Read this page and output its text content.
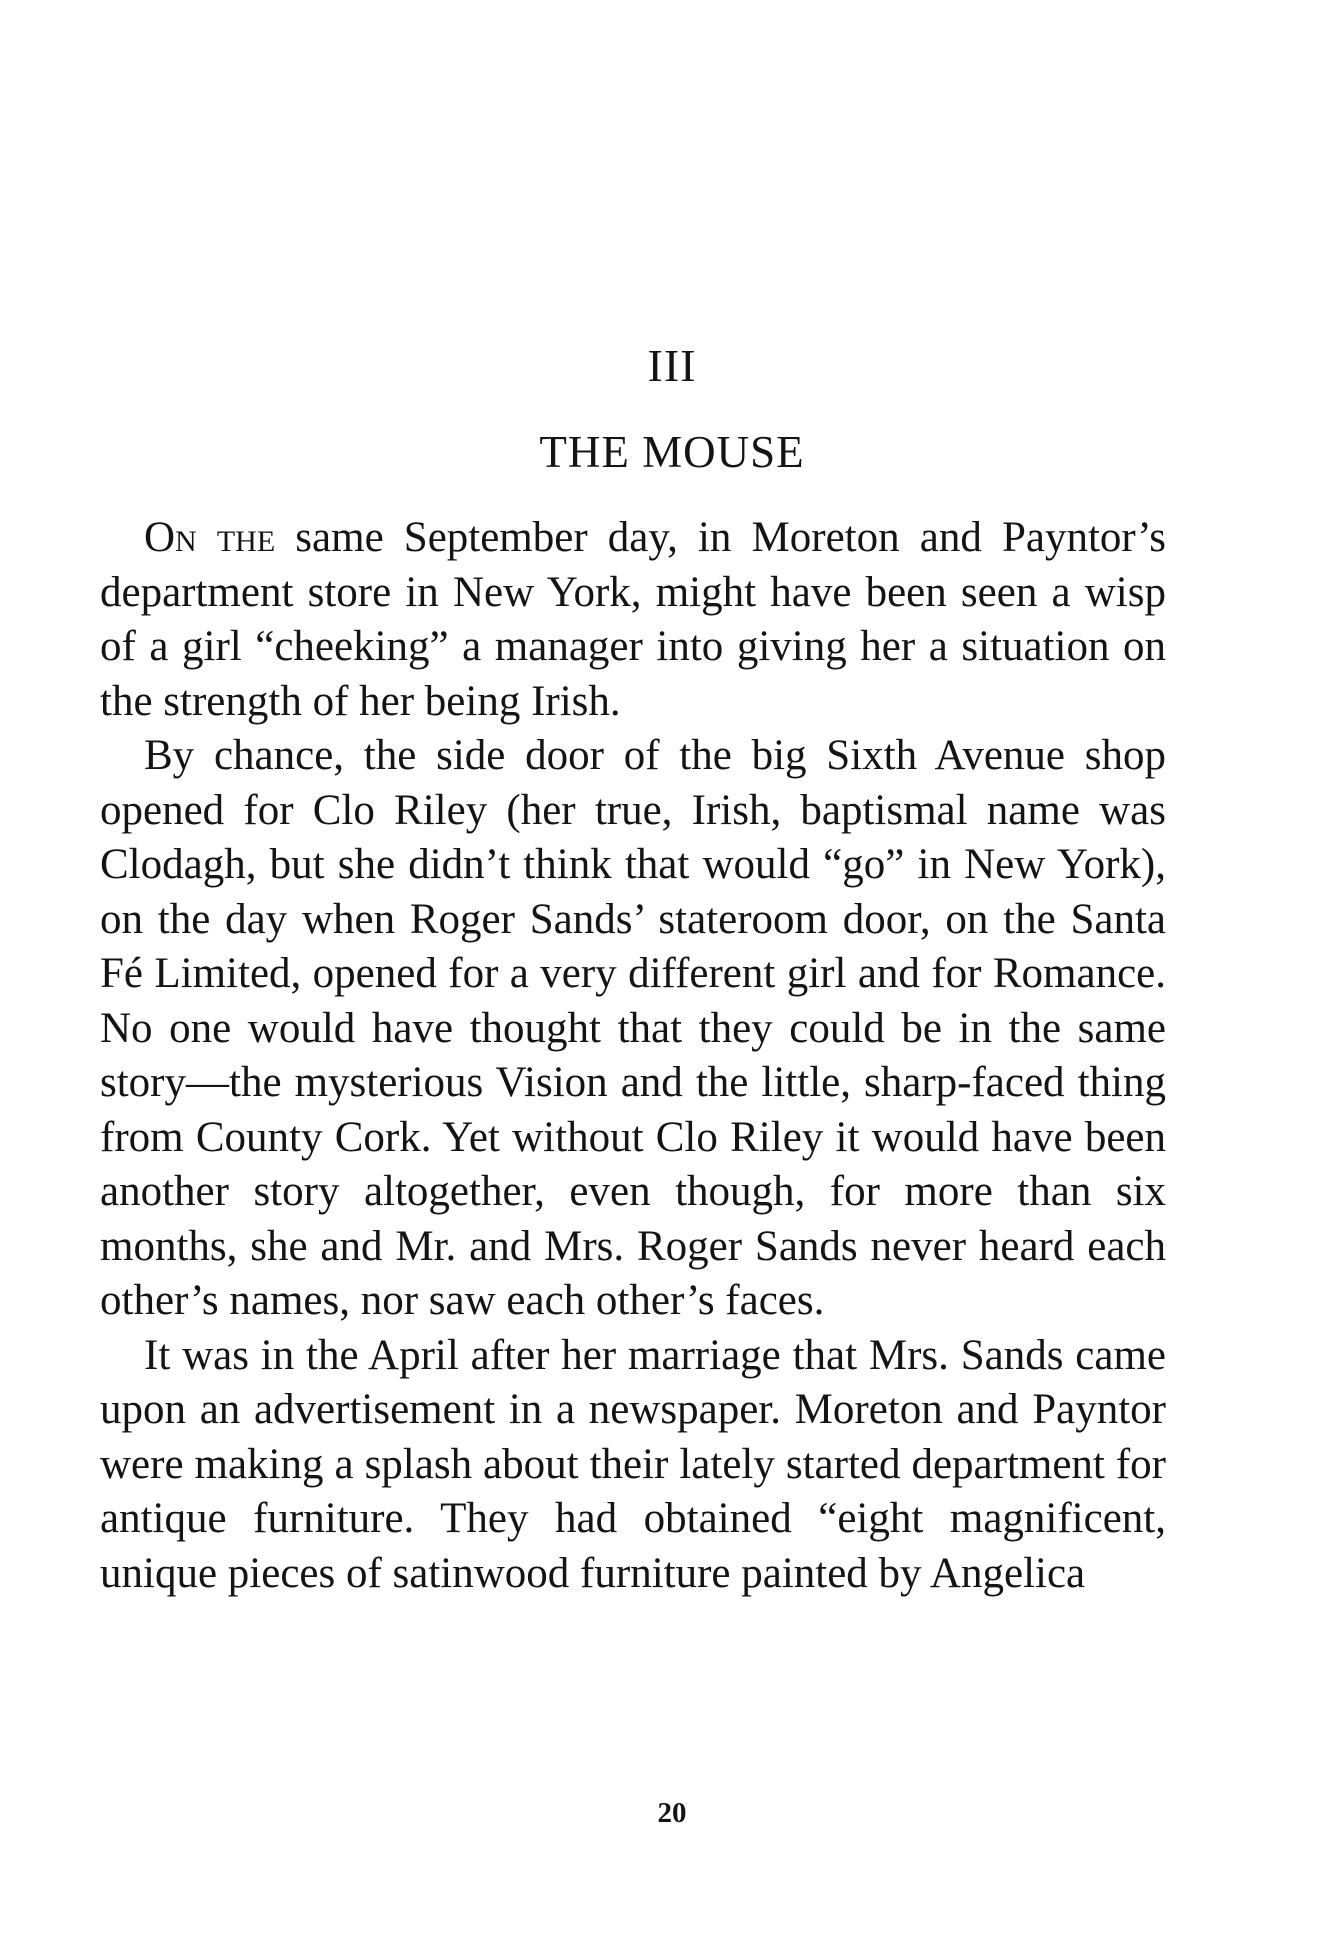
III
THE MOUSE

On the same September day, in Moreton and Payntor’s department store in New York, might have been seen a wisp of a girl “cheeking” a manager into giving her a situation on the strength of her being Irish.

By chance, the side door of the big Sixth Avenue shop opened for Clo Riley (her true, Irish, baptismal name was Clodagh, but she didn’t think that would “go” in New York), on the day when Roger Sands’ stateroom door, on the Santa Fé Limited, opened for a very different girl and for Romance. No one would have thought that they could be in the same story—the mysterious Vision and the little, sharp-faced thing from County Cork. Yet without Clo Riley it would have been another story altogether, even though, for more than six months, she and Mr. and Mrs. Roger Sands never heard each other’s names, nor saw each other’s faces.

It was in the April after her marriage that Mrs. Sands came upon an advertisement in a newspaper. Moreton and Payntor were making a splash about their lately started department for antique furniture. They had obtained “eight magnificent, unique pieces of satinwood furniture painted by Angelica

20
